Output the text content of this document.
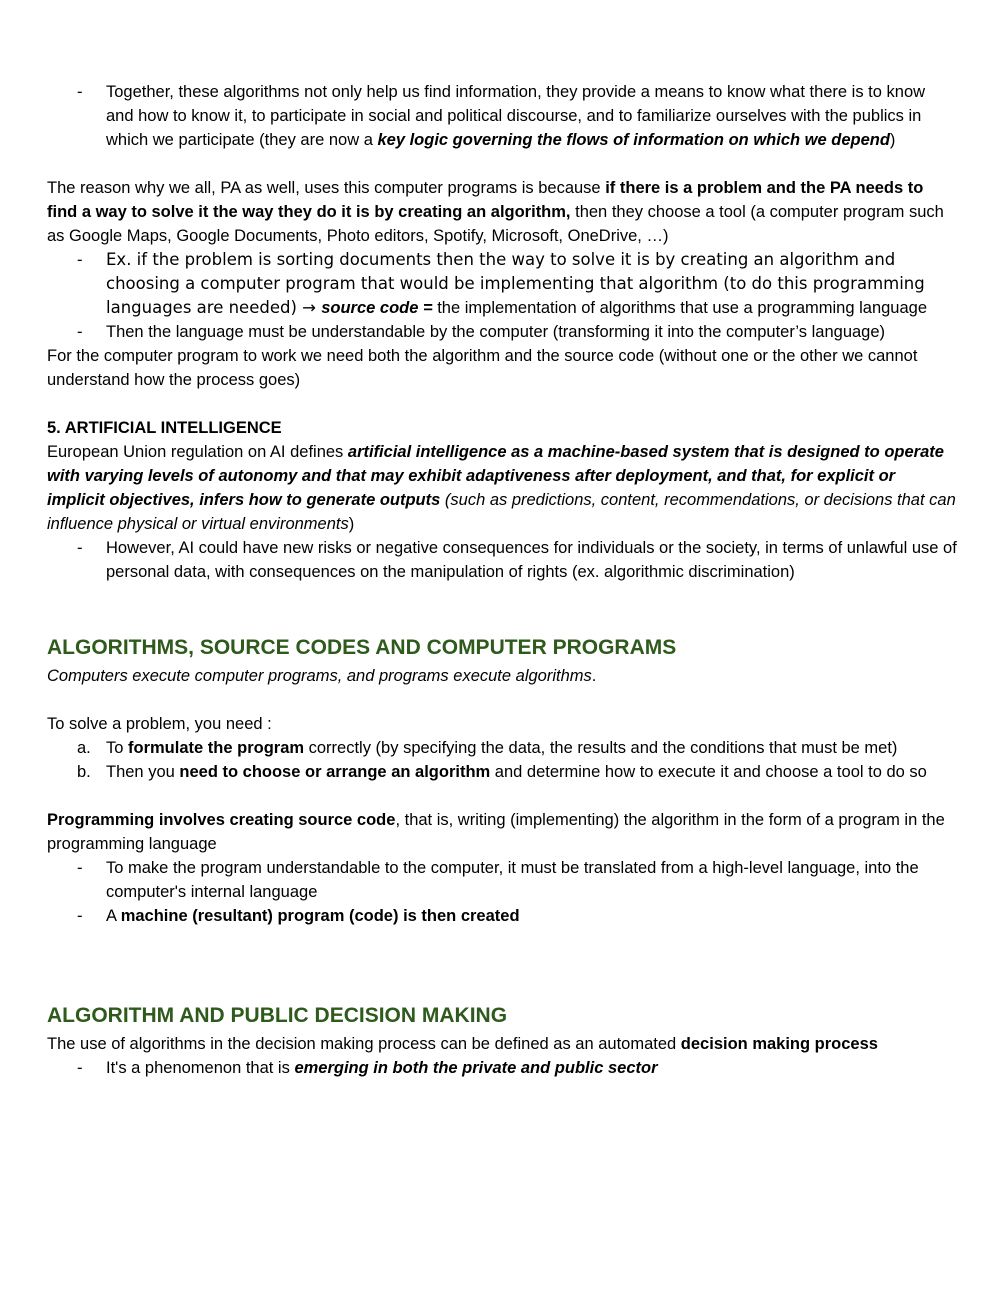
- Together, these algorithms not only help us find information, they provide a means to know what there is to know and how to know it, to participate in social and political discourse, and to familiarize ourselves with the publics in which we participate (they are now a key logic governing the flows of information on which we depend)

The reason why we all, PA as well, uses this computer programs is because if there is a problem and the PA needs to find a way to solve it the way they do it is by creating an algorithm, then they choose a tool (a computer program such as Google Maps, Google Documents, Photo editors, Spotify, Microsoft, OneDrive, …)

- Ex. if the problem is sorting documents then the way to solve it is by creating an algorithm and choosing a computer program that would be implementing that algorithm (to do this programming languages are needed) → source code = the implementation of algorithms that use a programming language
- Then the language must be understandable by the computer (transforming it into the computer’s language)

For the computer program to work we need both the algorithm and the source code (without one or the other we cannot understand how the process goes)

5. ARTIFICIAL INTELLIGENCE

European Union regulation on AI defines artificial intelligence as a machine-based system that is designed to operate with varying levels of autonomy and that may exhibit adaptiveness after deployment, and that, for explicit or implicit objectives, infers how to generate outputs (such as predictions, content, recommendations, or decisions that can influence physical or virtual environments)

- However, AI could have new risks or negative consequences for individuals or the society, in terms of unlawful use of personal data, with consequences on the manipulation of rights (ex. algorithmic discrimination)
ALGORITHMS, SOURCE CODES AND COMPUTER PROGRAMS

Computers execute computer programs, and programs execute algorithms.

To solve a problem, you need :

a. To formulate the program correctly (by specifying the data, the results and the conditions that must be met)
b. Then you need to choose or arrange an algorithm and determine how to execute it and choose a tool to do so

Programming involves creating source code, that is, writing (implementing) the algorithm in the form of a program in the programming language

- To make the program understandable to the computer, it must be translated from a high-level language, into the computer's internal language
- A machine (resultant) program (code) is then created
ALGORITHM AND PUBLIC DECISION MAKING

The use of algorithms in the decision making process can be defined as an automated decision making process

- It's a phenomenon that is emerging in both the private and public sector
